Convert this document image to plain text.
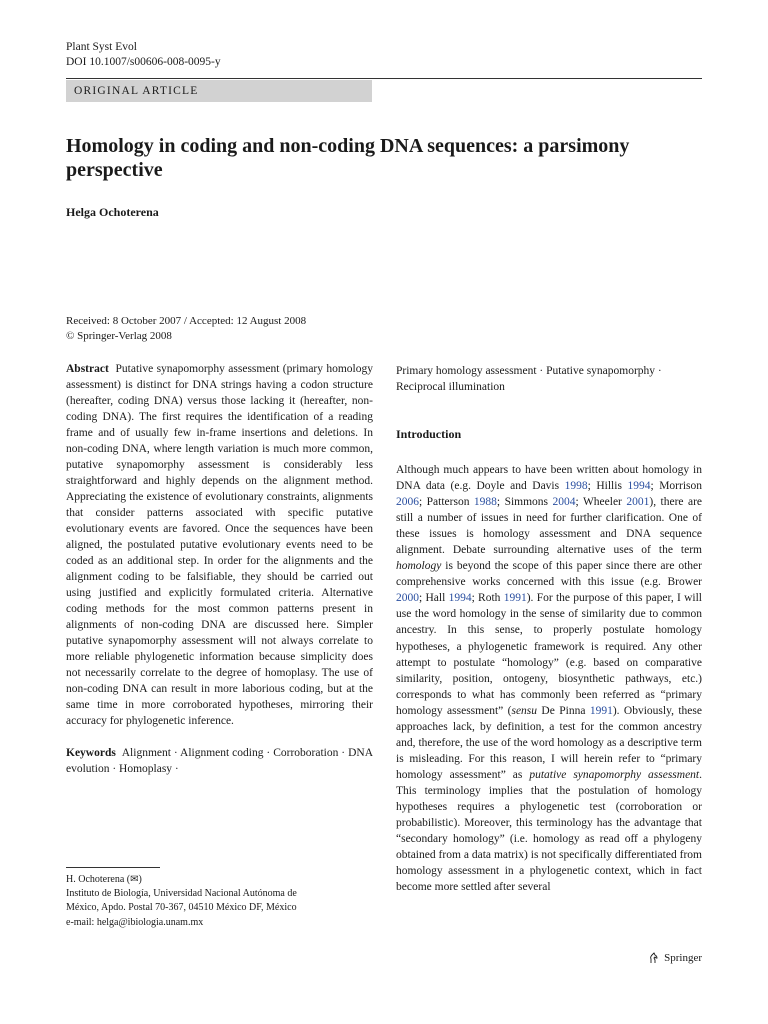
Plant Syst Evol
DOI 10.1007/s00606-008-0095-y
ORIGINAL ARTICLE
Homology in coding and non-coding DNA sequences: a parsimony perspective
Helga Ochoterena
Received: 8 October 2007 / Accepted: 12 August 2008
© Springer-Verlag 2008

Abstract Putative synapomorphy assessment (primary homology assessment) is distinct for DNA strings having a codon structure (hereafter, coding DNA) versus those lacking it (hereafter, non-coding DNA). The first requires the identification of a reading frame and of usually few in-frame insertions and deletions. In non-coding DNA, where length variation is much more common, putative synapomorphy assessment is considerably less straightforward and highly depends on the alignment method. Appreciating the existence of evolutionary constraints, alignments that consider patterns associated with specific putative evolutionary events are favored. Once the sequences have been aligned, the postulated putative evolutionary events need to be coded as an additional step. In order for the alignments and the alignment coding to be falsifiable, they should be carried out using justified and explicitly formulated criteria. Alternative coding methods for the most common patterns present in alignments of non-coding DNA are discussed here. Simpler putative synapomorphy assessment will not always correlate to more reliable phylogenetic information because simplicity does not necessarily correlate to the degree of homoplasy. The use of non-coding DNA can result in more laborious coding, but at the same time in more corroborated hypotheses, mirroring their accuracy for phylogenetic inference.

Keywords Alignment · Alignment coding · Corroboration · DNA evolution · Homoplasy ·

H. Ochoterena (✉)
Instituto de Biología, Universidad Nacional Autónoma de
México, Apdo. Postal 70-367, 04510 México DF, México
e-mail: helga@ibiologia.unam.mx

Primary homology assessment · Putative synapomorphy · Reciprocal illumination

Introduction

Although much appears to have been written about homology in DNA data (e.g. Doyle and Davis 1998; Hillis 1994; Morrison 2006; Patterson 1988; Simmons 2004; Wheeler 2001), there are still a number of issues in need for further clarification. One of these issues is homology assessment and DNA sequence alignment. Debate surrounding alternative uses of the term homology is beyond the scope of this paper since there are other comprehensive works concerned with this issue (e.g. Brower 2000; Hall 1994; Roth 1991). For the purpose of this paper, I will use the word homology in the sense of similarity due to common ancestry. In this sense, to properly postulate homology hypotheses, a phylogenetic framework is required. Any other attempt to postulate “homology” (e.g. based on comparative similarity, position, ontogeny, biosynthetic pathways, etc.) corresponds to what has commonly been referred as “primary homology assessment” (sensu De Pinna 1991). Obviously, these approaches lack, by definition, a test for the common ancestry and, therefore, the use of the word homology as a descriptive term is misleading. For this reason, I will herein refer to “primary homology assessment” as putative synapomorphy assessment. This terminology implies that the postulation of homology hypotheses requires a phylogenetic test (corroboration or probabilistic). Moreover, this terminology has the advantage that “secondary homology” (i.e. homology as read off a phylogeny obtained from a data matrix) is not specifically differentiated from homology assessment in a phylogenetic context, which in fact become more settled after several

Springer
